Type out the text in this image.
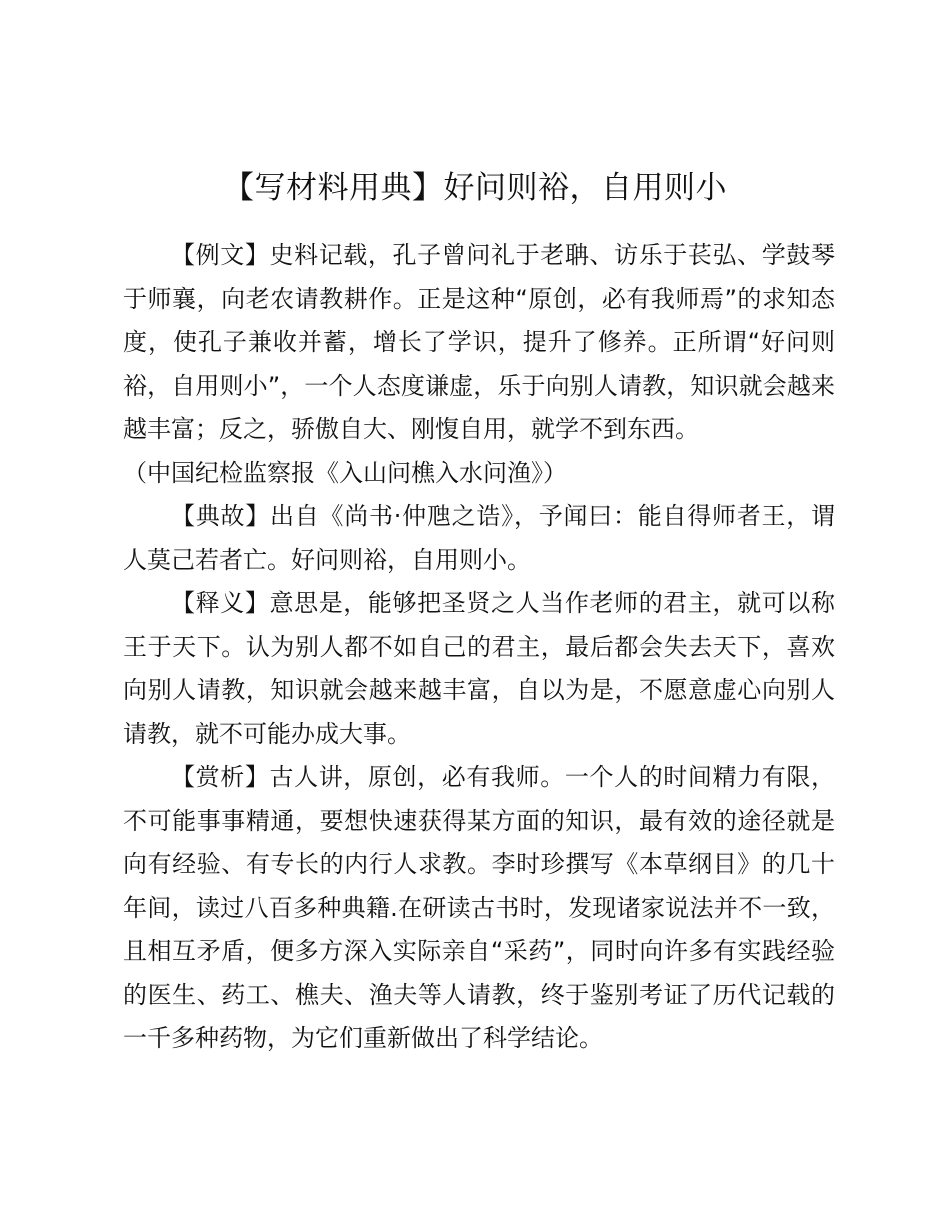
【写材料用典】好问则裕，自用则小

【例文】史料记载，孔子曾问礼于老聃、访乐于苌弘、学鼓琴于师襄，向老农请教耕作。正是这种“原创，必有我师焉”的求知态度，使孔子兼收并蓄，增长了学识，提升了修养。正所谓“好问则裕，自用则小”，一个人态度谦虚，乐于向别人请教，知识就会越来越丰富；反之，骄傲自大、刚愎自用，就学不到东西。

（中国纪检监察报《入山问樵入水问渔》）

【典故】出自《尚书·仲虺之诰》，予闻曰：能自得师者王，谓人莫己若者亡。好问则裕，自用则小。

【释义】意思是，能够把圣贤之人当作老师的君主，就可以称王于天下。认为别人都不如自己的君主，最后都会失去天下，喜欢向别人请教，知识就会越来越丰富，自以为是，不愿意虚心向别人请教，就不可能办成大事。

【赏析】古人讲，原创，必有我师。一个人的时间精力有限，不可能事事精通，要想快速获得某方面的知识，最有效的途径就是向有经验、有专长的内行人求教。李时珍撰写《本草纲目》的几十年间，读过八百多种典籍.在研读古书时，发现诸家说法并不一致，且相互矛盾，便多方深入实际亲自“采药”，同时向许多有实践经验的医生、药工、樵夫、渔夫等人请教，终于鉴别考证了历代记载的一千多种药物，为它们重新做出了科学结论。
